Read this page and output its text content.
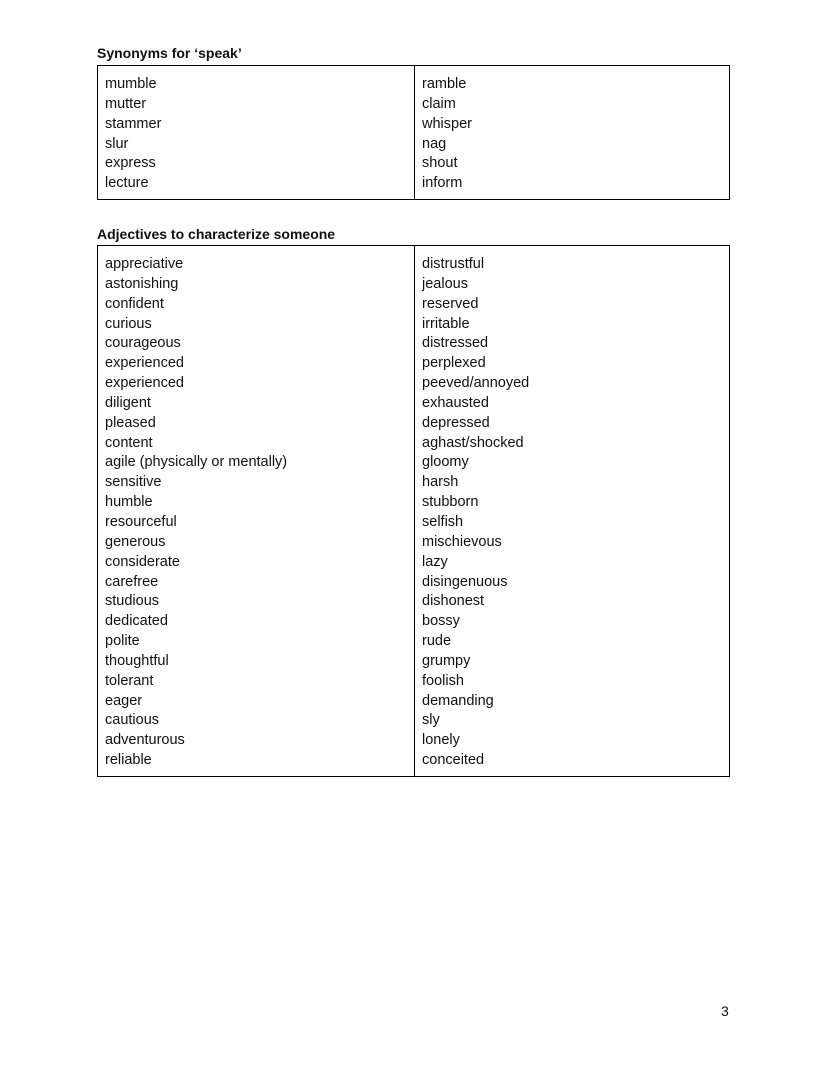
Synonyms for ‘speak’
mumble
mutter
stammer
slur
express
lecture
ramble
claim
whisper
nag
shout
inform
Adjectives to characterize someone
appreciative
astonishing
confident
curious
courageous
experienced
experienced
diligent
pleased
content
agile (physically or mentally)
sensitive
humble
resourceful
generous
considerate
carefree
studious
dedicated
polite
thoughtful
tolerant
eager
cautious
adventurous
reliable
distrustful
jealous
reserved
irritable
distressed
perplexed
peeved/annoyed
exhausted
depressed
aghast/shocked
gloomy
harsh
stubborn
selfish
mischievous
lazy
disingenuous
dishonest
bossy
rude
grumpy
foolish
demanding
sly
lonely
conceited
3
